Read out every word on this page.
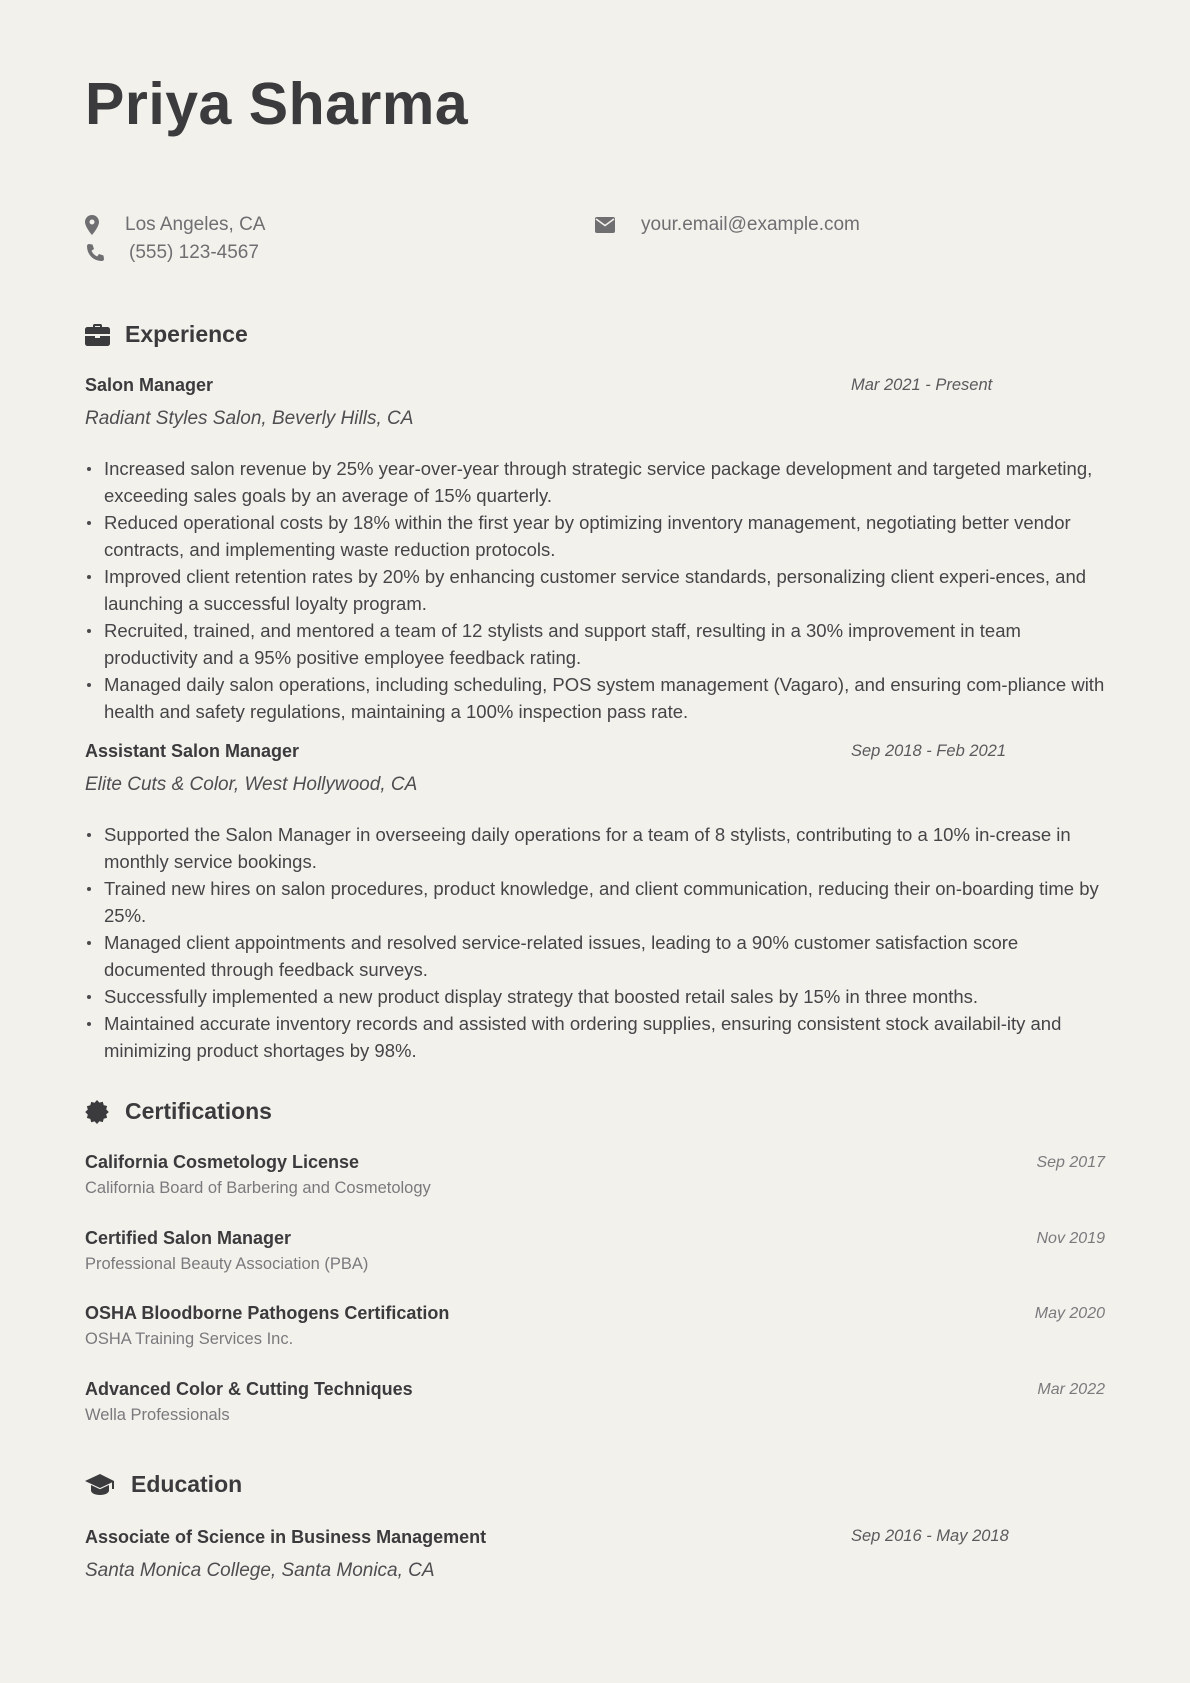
Priya Sharma
Los Angeles, CA
(555) 123-4567
your.email@example.com
Experience
Salon Manager	Mar 2021 - Present
Radiant Styles Salon, Beverly Hills, CA
Increased salon revenue by 25% year-over-year through strategic service package development and targeted marketing, exceeding sales goals by an average of 15% quarterly.
Reduced operational costs by 18% within the first year by optimizing inventory management, negotiating better vendor contracts, and implementing waste reduction protocols.
Improved client retention rates by 20% by enhancing customer service standards, personalizing client experi-ences, and launching a successful loyalty program.
Recruited, trained, and mentored a team of 12 stylists and support staff, resulting in a 30% improvement in team productivity and a 95% positive employee feedback rating.
Managed daily salon operations, including scheduling, POS system management (Vagaro), and ensuring com-pliance with health and safety regulations, maintaining a 100% inspection pass rate.
Assistant Salon Manager	Sep 2018 - Feb 2021
Elite Cuts & Color, West Hollywood, CA
Supported the Salon Manager in overseeing daily operations for a team of 8 stylists, contributing to a 10% in-crease in monthly service bookings.
Trained new hires on salon procedures, product knowledge, and client communication, reducing their on-boarding time by 25%.
Managed client appointments and resolved service-related issues, leading to a 90% customer satisfaction score documented through feedback surveys.
Successfully implemented a new product display strategy that boosted retail sales by 15% in three months.
Maintained accurate inventory records and assisted with ordering supplies, ensuring consistent stock availabil-ity and minimizing product shortages by 98%.
Certifications
California Cosmetology License
California Board of Barbering and Cosmetology
Sep 2017
Certified Salon Manager
Professional Beauty Association (PBA)
Nov 2019
OSHA Bloodborne Pathogens Certification
OSHA Training Services Inc.
May 2020
Advanced Color & Cutting Techniques
Wella Professionals
Mar 2022
Education
Associate of Science in Business Management	Sep 2016 - May 2018
Santa Monica College, Santa Monica, CA
